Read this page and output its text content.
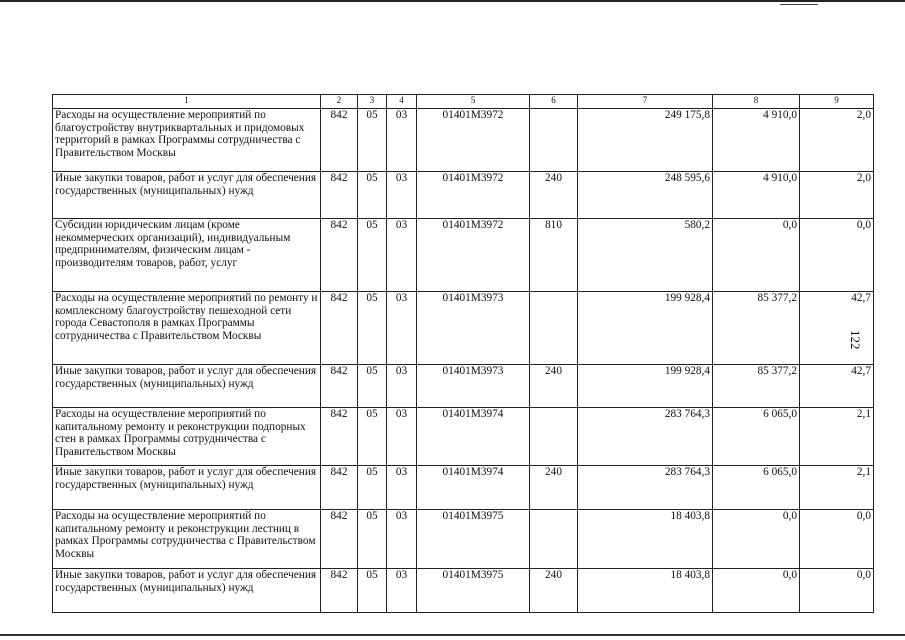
1	2	3	4	5	6	7	8	9
Расходы на осуществление мероприятий по благоустройству внутриквартальных и придомовых территорий в рамках Программы сотрудничества с Правительством Москвы	842	05	03	01401М3972		249 175,8	4 910,0	2,0
Иные закупки товаров, работ и услуг для обеспечения государственных (муниципальных) нужд	842	05	03	01401М3972	240	248 595,6	4 910,0	2,0
Субсидии юридическим лицам (кроме некоммерческих организаций), индивидуальным предпринимателям, физическим лицам - производителям товаров, работ, услуг	842	05	03	01401М3972	810	580,2	0,0	0,0
Расходы на осуществление мероприятий по ремонту и комплексному благоустройству пешеходной сети города Севастополя в рамках Программы сотрудничества с Правительством Москвы	842	05	03	01401М3973		199 928,4	85 377,2	42,7
Иные закупки товаров, работ и услуг для обеспечения государственных (муниципальных) нужд	842	05	03	01401М3973	240	199 928,4	85 377,2	42,7
Расходы на осуществление мероприятий по капитальному ремонту и реконструкции подпорных стен в рамках Программы сотрудничества с Правительством Москвы	842	05	03	01401М3974		283 764,3	6 065,0	2,1
Иные закупки товаров, работ и услуг для обеспечения государственных (муниципальных) нужд	842	05	03	01401М3974	240	283 764,3	6 065,0	2,1
Расходы на осуществление мероприятий по капитальному ремонту и реконструкции лестниц в рамках Программы сотрудничества с Правительством Москвы	842	05	03	01401М3975		18 403,8	0,0	0,0
Иные закупки товаров, работ и услуг для обеспечения государственных (муниципальных) нужд	842	05	03	01401М3975	240	18 403,8	0,0	0,0
122
